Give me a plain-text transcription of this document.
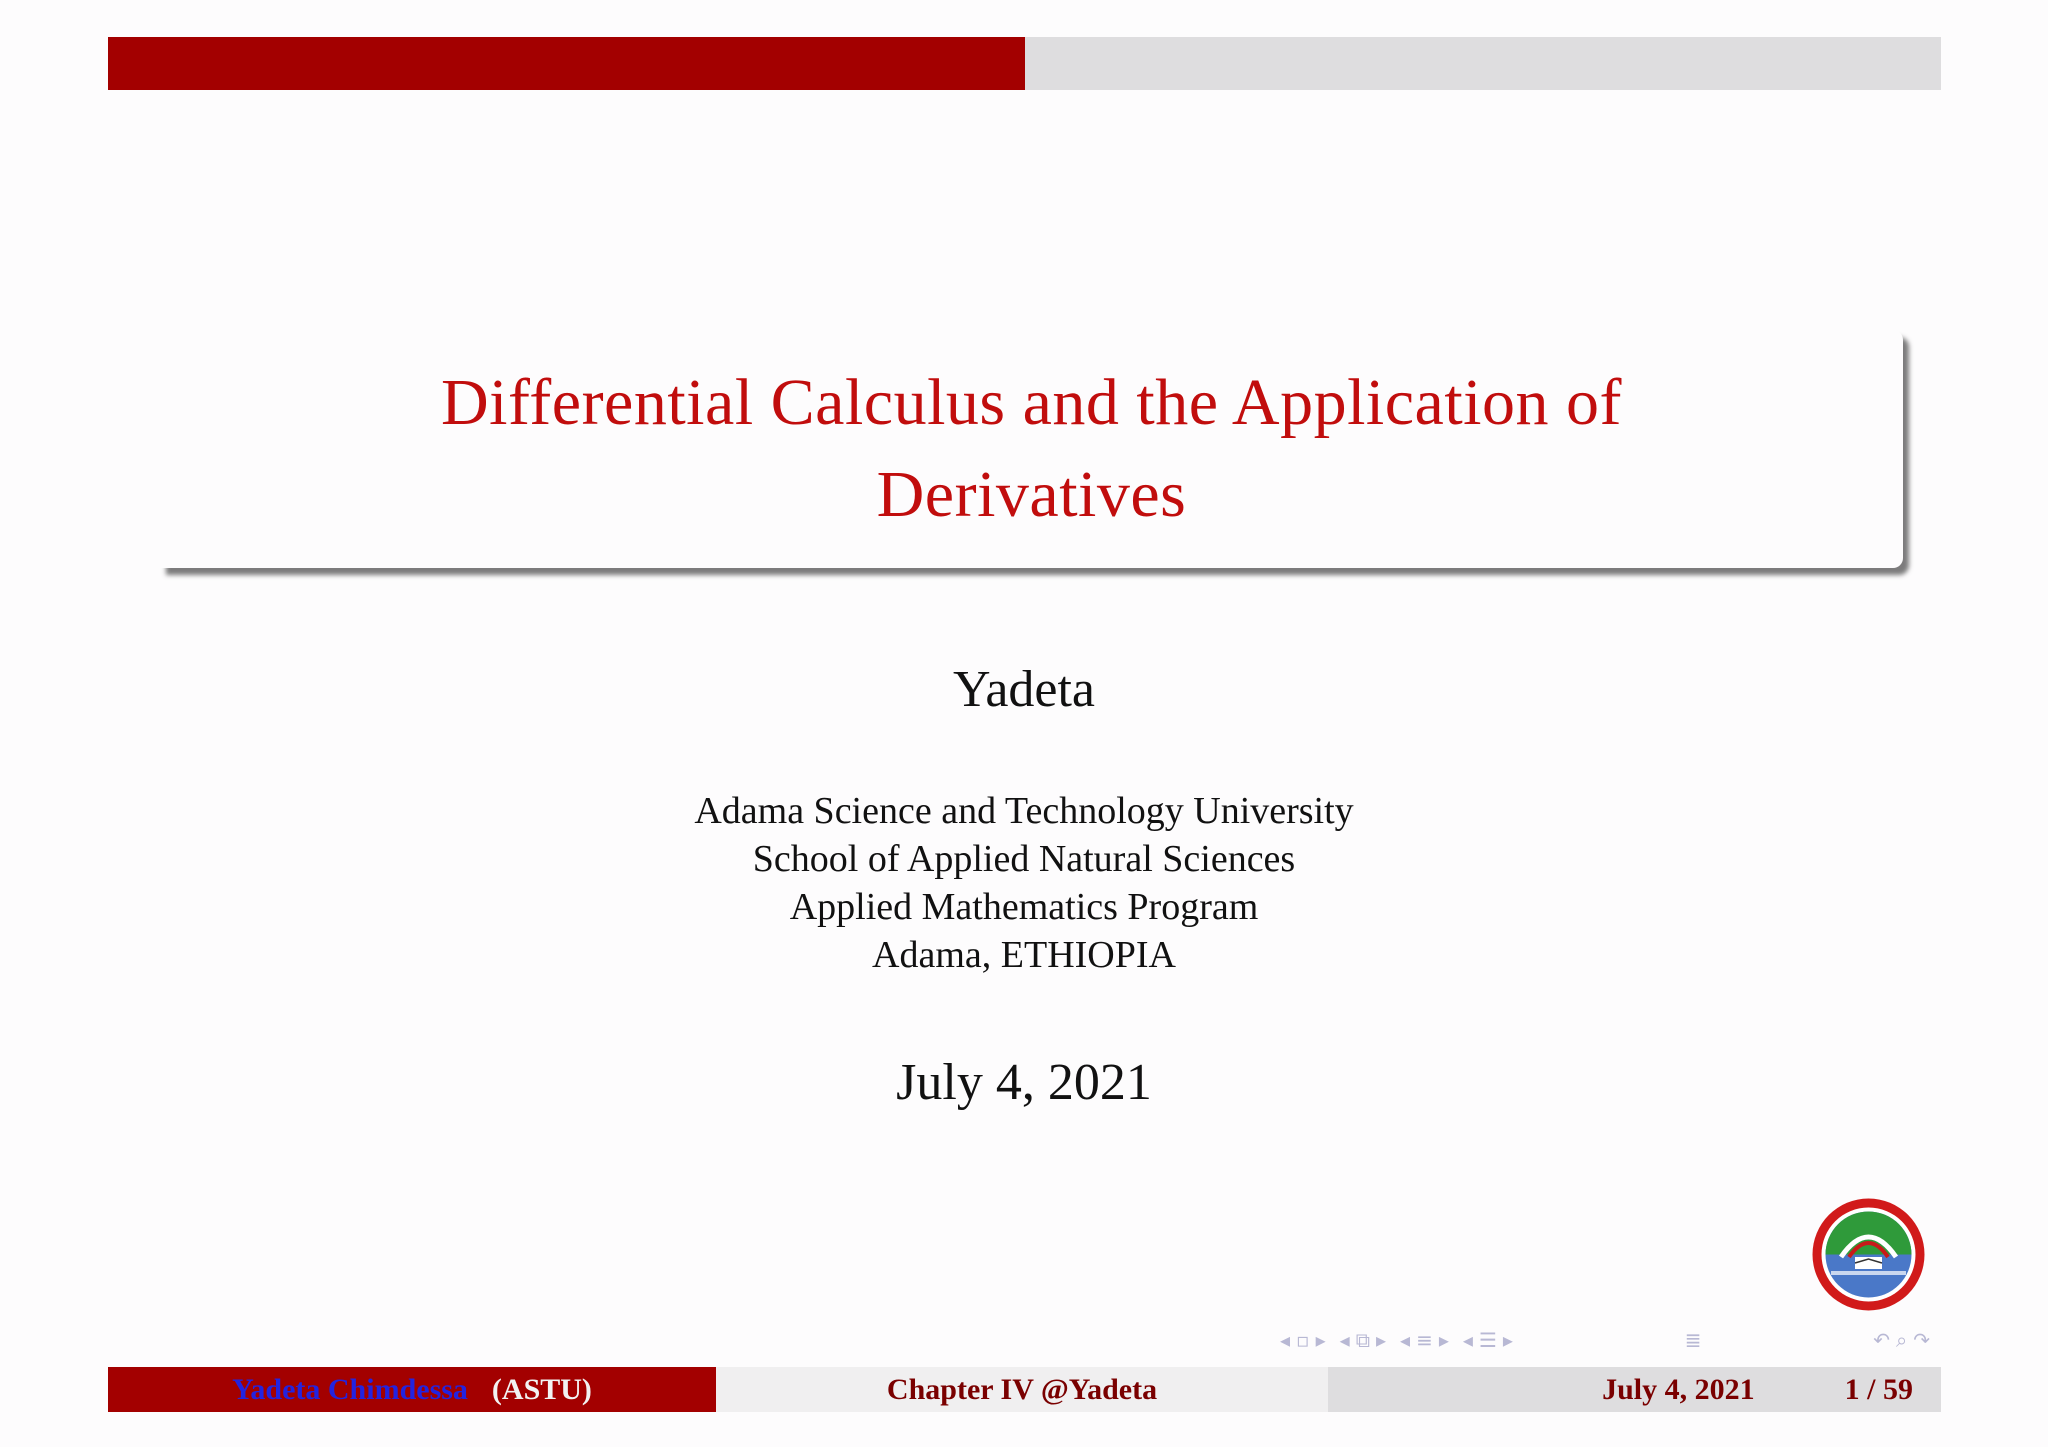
Differential Calculus and the Application of
Derivatives
Yadeta
Adama Science and Technology University
School of Applied Natural Sciences
Applied Mathematics Program
Adama, ETHIOPIA
July 4, 2021
◂ ▫ ▸ ◂ ⧉ ▸ ◂ ≡ ▸ ◂ ☰ ▸	≣	↶ ⌕ ↷
Yadeta Chimdessa (ASTU)	Chapter IV @Yadeta	July 4, 2021	1 / 59
